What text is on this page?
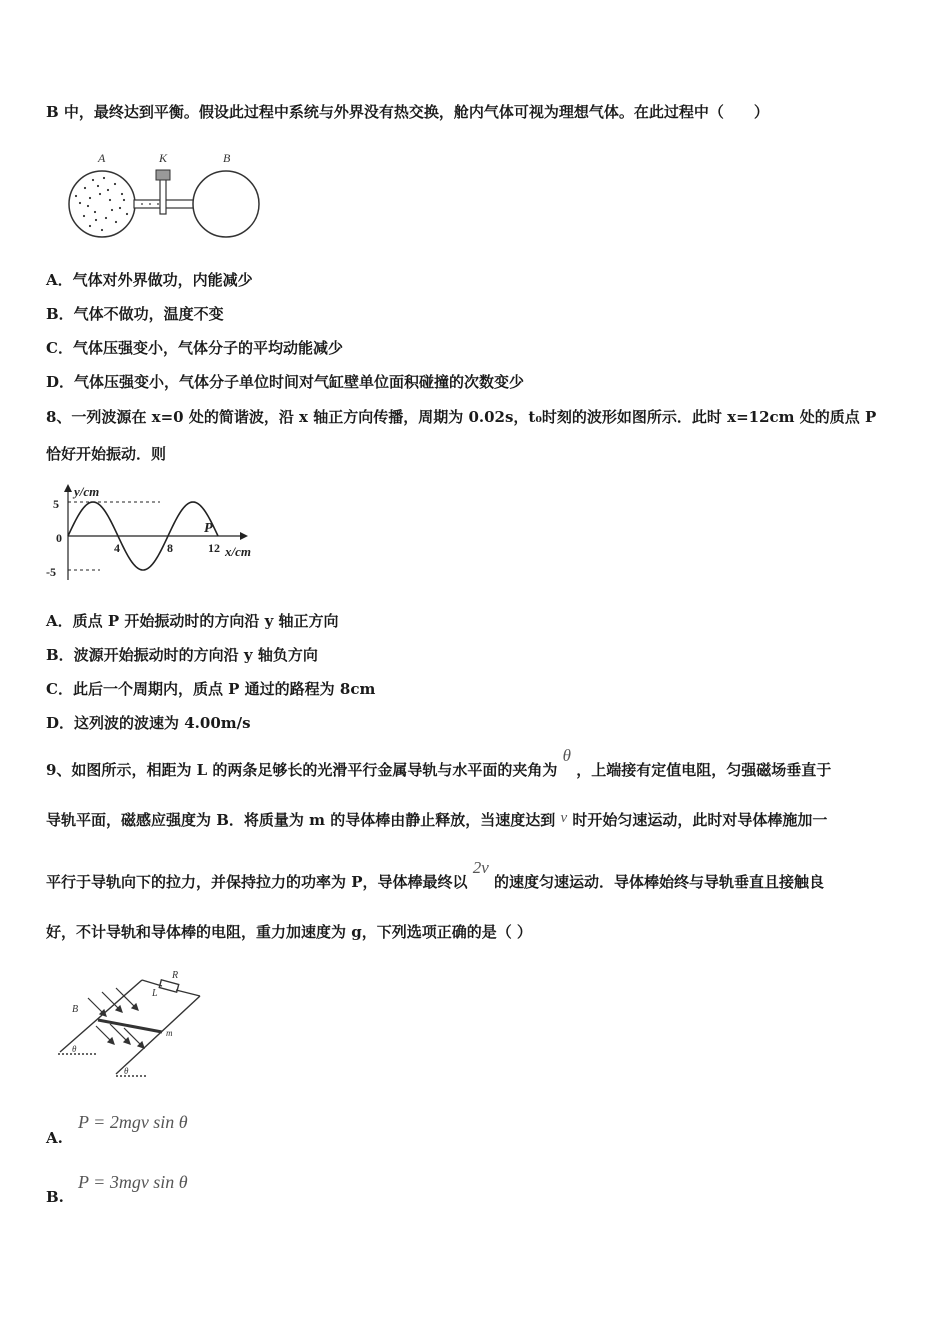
B 中，最终达到平衡。假设此过程中系统与外界没有热交换，舱内气体可视为理想气体。在此过程中（　　）
A	K	B
A．气体对外界做功，内能减少
B．气体不做功，温度不变
C．气体压强变小，气体分子的平均动能减少
D．气体压强变小，气体分子单位时间对气缸壁单位面积碰撞的次数变少
8、一列波源在 x=0 处的简谐波，沿 x 轴正方向传播，周期为 0.02s，t₀时刻的波形如图所示．此时 x=12cm 处的质点 P
恰好开始振动．则
y/cm
x/cm
5
0
-5
4	8	12
P
A．质点 P 开始振动时的方向沿 y 轴正方向
B．波源开始振动时的方向沿 y 轴负方向
C．此后一个周期内，质点 P 通过的路程为 8cm
D．这列波的波速为 4.00m/s
9、如图所示，相距为 L 的两条足够长的光滑平行金属导轨与水平面的夹角为 θ ，上端接有定值电阻，匀强磁场垂直于
导轨平面，磁感应强度为 B．将质量为 m 的导体棒由静止释放，当速度达到 v 时开始匀速运动，此时对导体棒施加一
平行于导轨向下的拉力，并保持拉力的功率为 P，导体棒最终以 2v 的速度匀速运动．导体棒始终与导轨垂直且接触良
好，不计导轨和导体棒的电阻，重力加速度为 g，下列选项正确的是（ ）
R
L
B
m
θ
θ
A.
P = 2mgv sin θ
B.
P = 3mgv sin θ
